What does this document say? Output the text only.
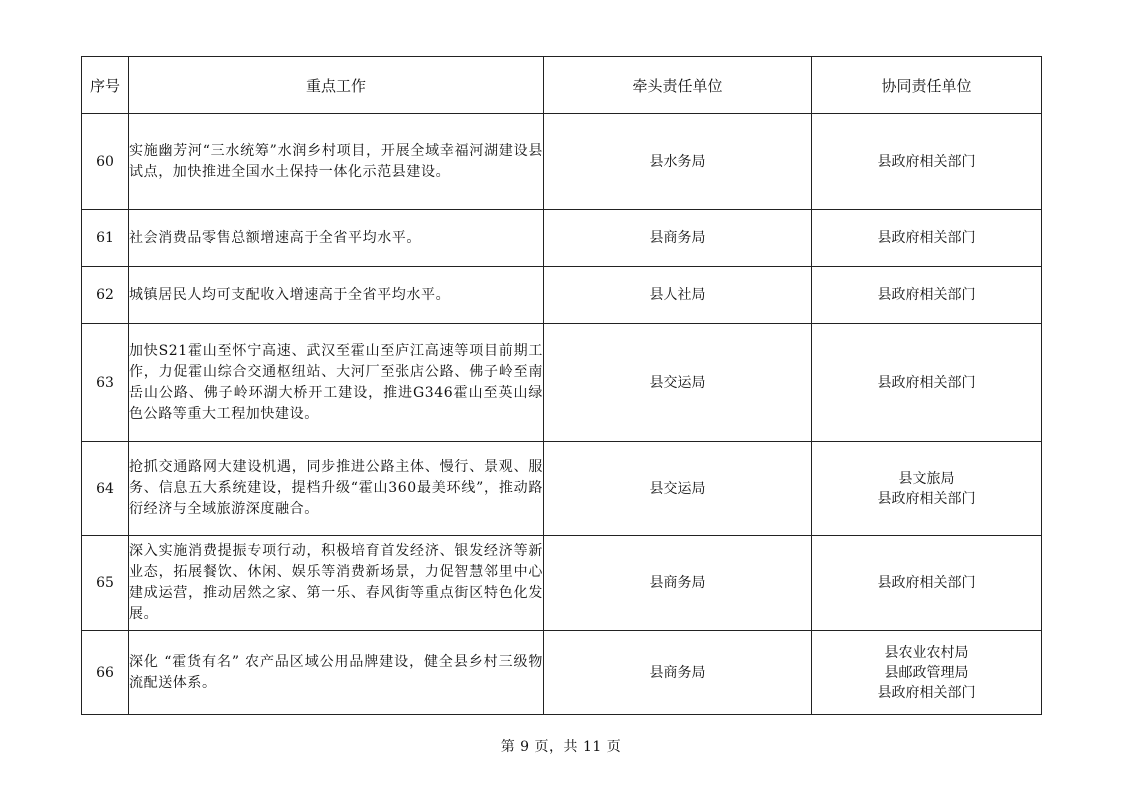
序号	重点工作	牵头责任单位	协同责任单位
60	实施幽芳河“三水统筹”水润乡村项目，开展全域幸福河湖建设县试点，加快推进全国水土保持一体化示范县建设。	县水务局	县政府相关部门

61	社会消费品零售总额增速高于全省平均水平。	县商务局	县政府相关部门

62	城镇居民人均可支配收入增速高于全省平均水平。	县人社局	县政府相关部门

63	加快S21霍山至怀宁高速、武汉至霍山至庐江高速等项目前期工作，力促霍山综合交通枢纽站、大河厂至张店公路、佛子岭至南岳山公路、佛子岭环湖大桥开工建设，推进G346霍山至英山绿色公路等重大工程加快建设。	县交运局	县政府相关部门

64	抢抓交通路网大建设机遇，同步推进公路主体、慢行、景观、服务、信息五大系统建设，提档升级“霍山360最美环线”，推动路衍经济与全域旅游深度融合。	县交运局	县文旅局
县政府相关部门

65	深入实施消费提振专项行动，积极培育首发经济、银发经济等新业态，拓展餐饮、休闲、娱乐等消费新场景，力促智慧邻里中心建成运营，推动居然之家、第一乐、春风街等重点街区特色化发展。	县商务局	县政府相关部门

66	深化 “霍货有名” 农产品区域公用品牌建设，健全县乡村三级物流配送体系。	县商务局	县农业农村局
县邮政管理局
县政府相关部门
第 9 页，共 11 页
